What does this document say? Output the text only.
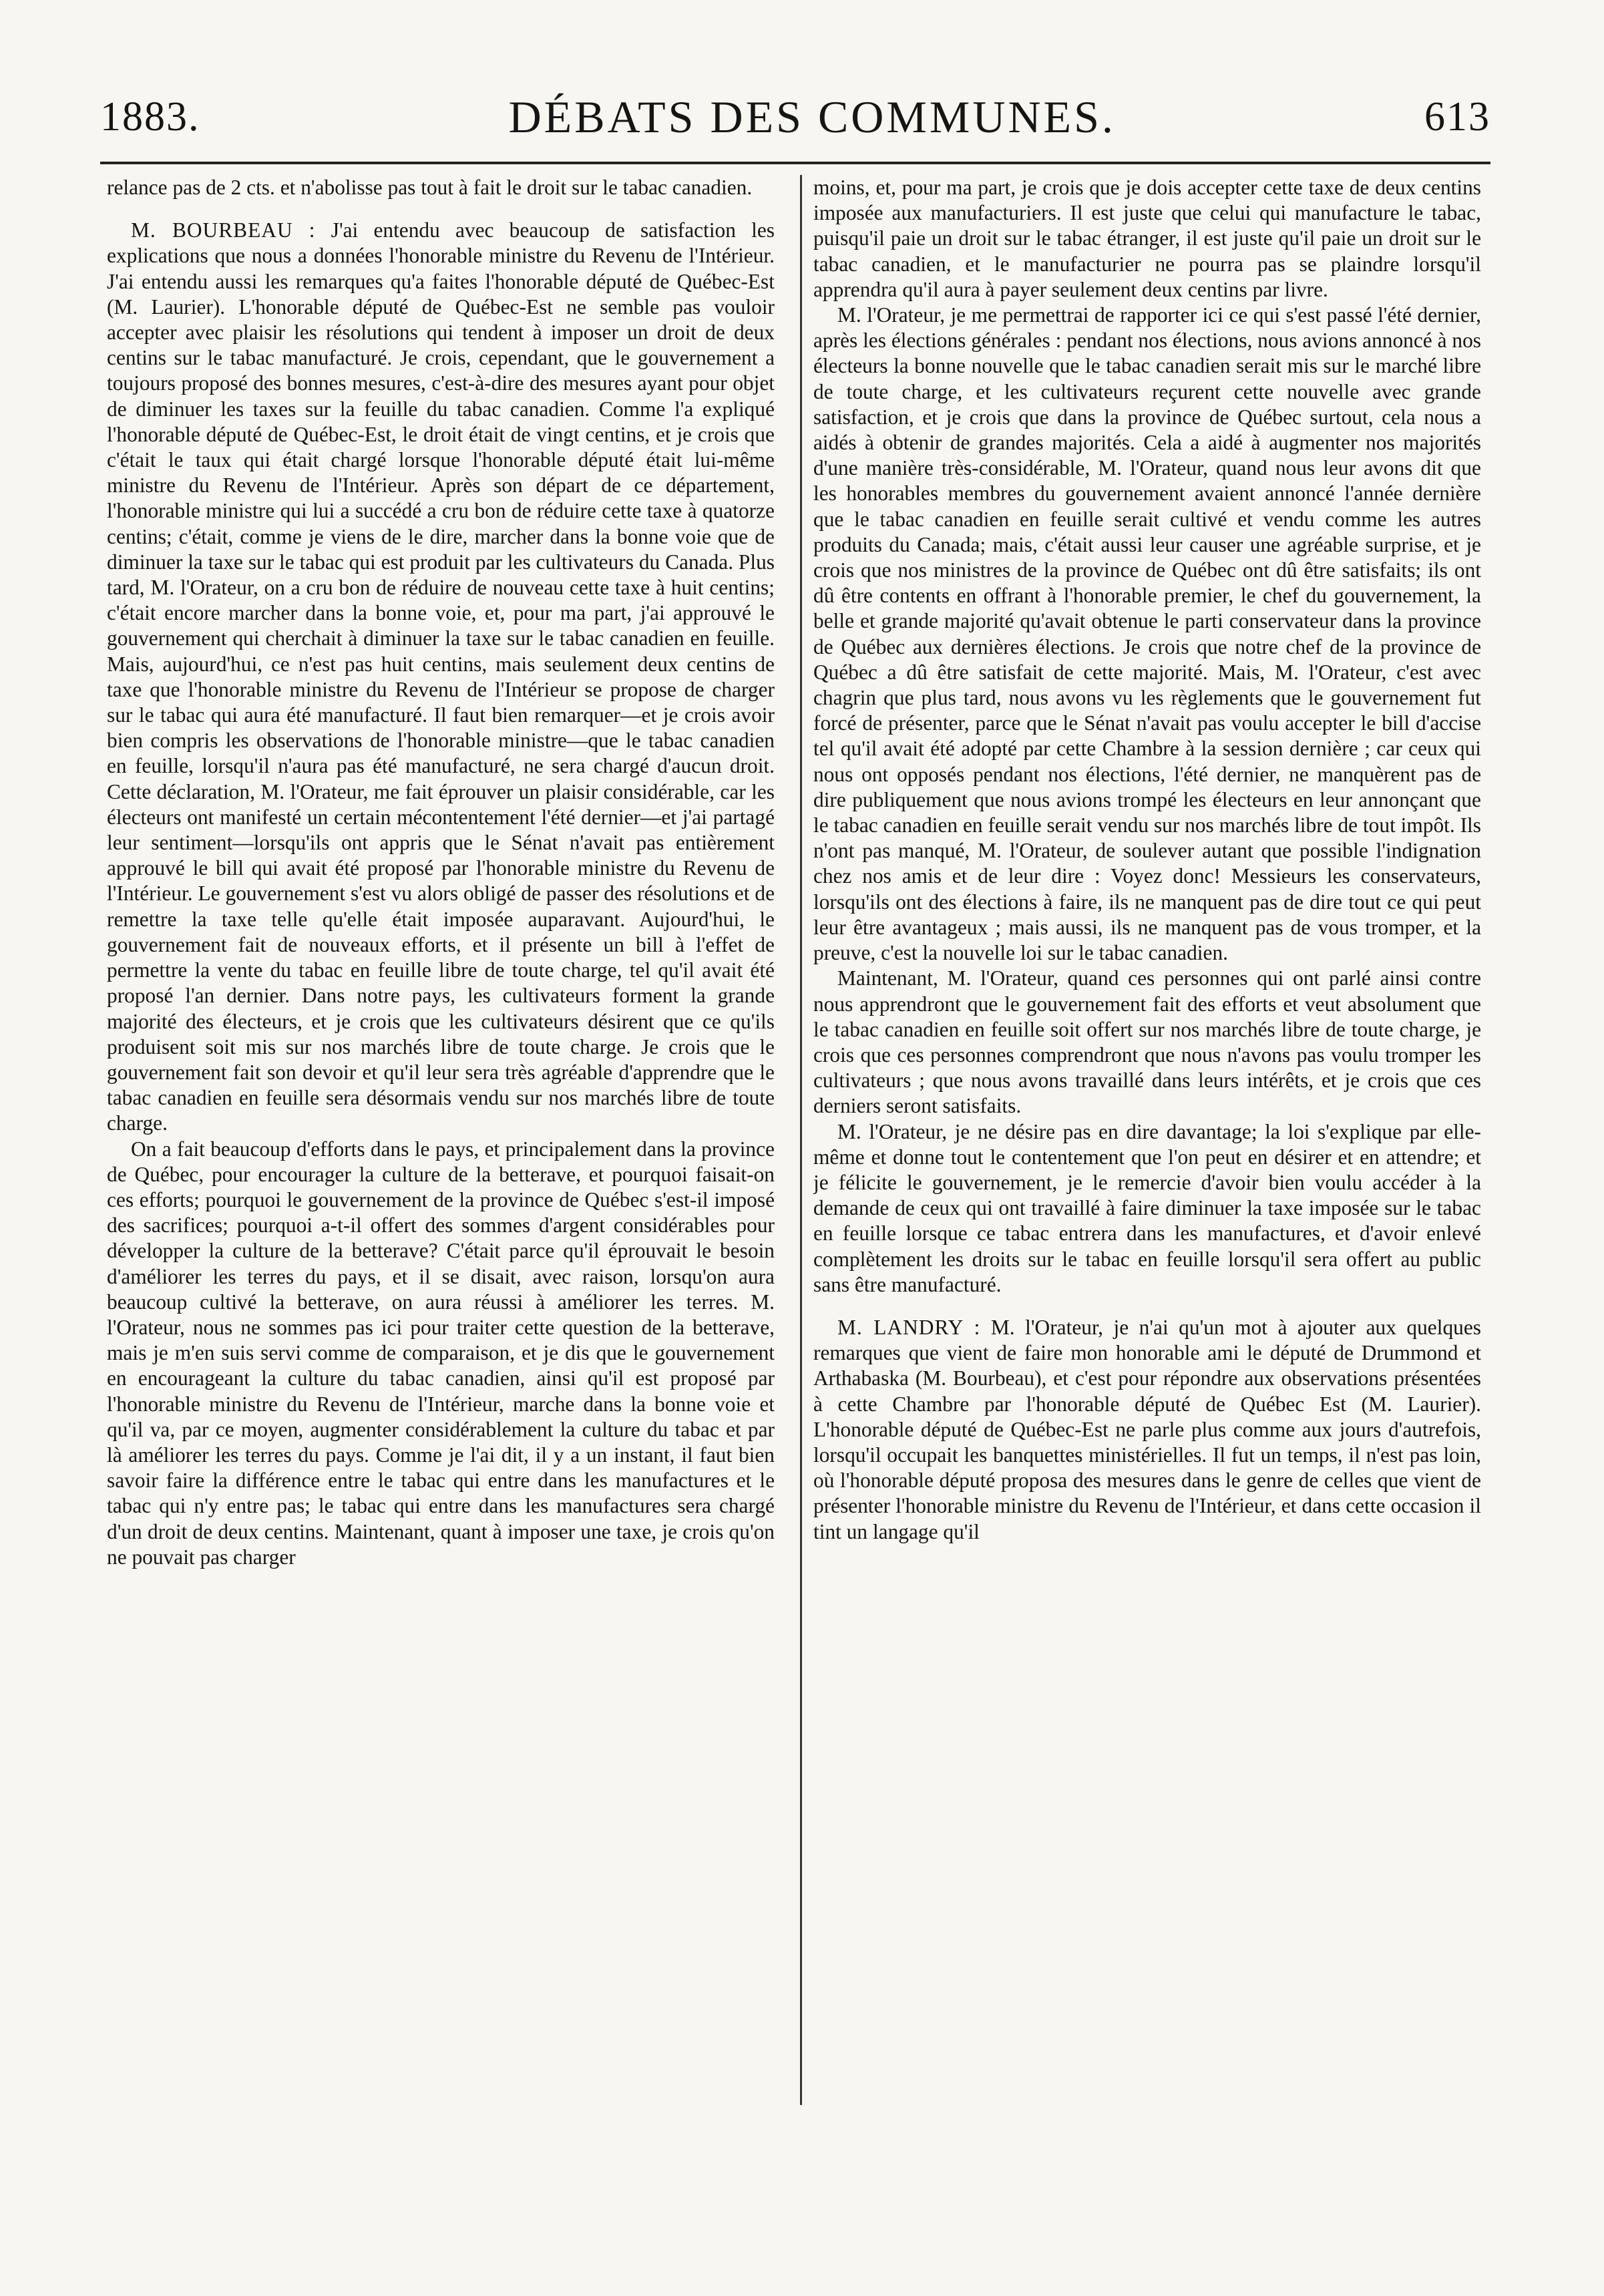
1883.	DÉBATS DES COMMUNES.	613

relance pas de 2 cts. et n'abolisse pas tout à fait le droit sur le tabac canadien.

M. BOURBEAU : J'ai entendu avec beaucoup de satisfaction les explications que nous a données l'honorable ministre du Revenu de l'Intérieur. J'ai entendu aussi les remarques qu'a faites l'honorable député de Québec-Est (M. Laurier). L'honorable député de Québec-Est ne semble pas vouloir accepter avec plaisir les résolutions qui tendent à imposer un droit de deux centins sur le tabac manufacturé. Je crois, cependant, que le gouvernement a toujours proposé des bonnes mesures, c'est-à-dire des mesures ayant pour objet de diminuer les taxes sur la feuille du tabac canadien. Comme l'a expliqué l'honorable député de Québec-Est, le droit était de vingt centins, et je crois que c'était le taux qui était chargé lorsque l'honorable député était lui-même ministre du Revenu de l'Intérieur. Après son départ de ce département, l'honorable ministre qui lui a succédé a cru bon de réduire cette taxe à quatorze centins; c'était, comme je viens de le dire, marcher dans la bonne voie que de diminuer la taxe sur le tabac qui est produit par les cultivateurs du Canada. Plus tard, M. l'Orateur, on a cru bon de réduire de nouveau cette taxe à huit centins; c'était encore marcher dans la bonne voie, et, pour ma part, j'ai approuvé le gouvernement qui cherchait à diminuer la taxe sur le tabac canadien en feuille. Mais, aujourd'hui, ce n'est pas huit centins, mais seulement deux centins de taxe que l'honorable ministre du Revenu de l'Intérieur se propose de charger sur le tabac qui aura été manufacturé. Il faut bien remarquer—et je crois avoir bien compris les observations de l'honorable ministre—que le tabac canadien en feuille, lorsqu'il n'aura pas été manufacturé, ne sera chargé d'aucun droit. Cette déclaration, M. l'Orateur, me fait éprouver un plaisir considérable, car les électeurs ont manifesté un certain mécontentement l'été dernier—et j'ai partagé leur sentiment—lorsqu'ils ont appris que le Sénat n'avait pas entièrement approuvé le bill qui avait été proposé par l'honorable ministre du Revenu de l'Intérieur. Le gouvernement s'est vu alors obligé de passer des résolutions et de remettre la taxe telle qu'elle était imposée auparavant. Aujourd'hui, le gouvernement fait de nouveaux efforts, et il présente un bill à l'effet de permettre la vente du tabac en feuille libre de toute charge, tel qu'il avait été proposé l'an dernier. Dans notre pays, les cultivateurs forment la grande majorité des électeurs, et je crois que les cultivateurs désirent que ce qu'ils produisent soit mis sur nos marchés libre de toute charge. Je crois que le gouvernement fait son devoir et qu'il leur sera très agréable d'apprendre que le tabac canadien en feuille sera désormais vendu sur nos marchés libre de toute charge.

On a fait beaucoup d'efforts dans le pays, et principalement dans la province de Québec, pour encourager la culture de la betterave, et pourquoi faisait-on ces efforts; pourquoi le gouvernement de la province de Québec s'est-il imposé des sacrifices; pourquoi a-t-il offert des sommes d'argent considérables pour développer la culture de la betterave? C'était parce qu'il éprouvait le besoin d'améliorer les terres du pays, et il se disait, avec raison, lorsqu'on aura beaucoup cultivé la betterave, on aura réussi à améliorer les terres. M. l'Orateur, nous ne sommes pas ici pour traiter cette question de la betterave, mais je m'en suis servi comme de comparaison, et je dis que le gouvernement en encourageant la culture du tabac canadien, ainsi qu'il est proposé par l'honorable ministre du Revenu de l'Intérieur, marche dans la bonne voie et qu'il va, par ce moyen, augmenter considérablement la culture du tabac et par là améliorer les terres du pays. Comme je l'ai dit, il y a un instant, il faut bien savoir faire la différence entre le tabac qui entre dans les manufactures et le tabac qui n'y entre pas; le tabac qui entre dans les manufactures sera chargé d'un droit de deux centins. Maintenant, quant à imposer une taxe, je crois qu'on ne pouvait pas charger

moins, et, pour ma part, je crois que je dois accepter cette taxe de deux centins imposée aux manufacturiers. Il est juste que celui qui manufacture le tabac, puisqu'il paie un droit sur le tabac étranger, il est juste qu'il paie un droit sur le tabac canadien, et le manufacturier ne pourra pas se plaindre lorsqu'il apprendra qu'il aura à payer seulement deux centins par livre.

M. l'Orateur, je me permettrai de rapporter ici ce qui s'est passé l'été dernier, après les élections générales : pendant nos élections, nous avions annoncé à nos électeurs la bonne nouvelle que le tabac canadien serait mis sur le marché libre de toute charge, et les cultivateurs reçurent cette nouvelle avec grande satisfaction, et je crois que dans la province de Québec surtout, cela nous a aidés à obtenir de grandes majorités. Cela a aidé à augmenter nos majorités d'une manière très-considérable, M. l'Orateur, quand nous leur avons dit que les honorables membres du gouvernement avaient annoncé l'année dernière que le tabac canadien en feuille serait cultivé et vendu comme les autres produits du Canada; mais, c'était aussi leur causer une agréable surprise, et je crois que nos ministres de la province de Québec ont dû être satisfaits; ils ont dû être contents en offrant à l'honorable premier, le chef du gouvernement, la belle et grande majorité qu'avait obtenue le parti conservateur dans la province de Québec aux dernières élections. Je crois que notre chef de la province de Québec a dû être satisfait de cette majorité. Mais, M. l'Orateur, c'est avec chagrin que plus tard, nous avons vu les règlements que le gouvernement fut forcé de présenter, parce que le Sénat n'avait pas voulu accepter le bill d'accise tel qu'il avait été adopté par cette Chambre à la session dernière ; car ceux qui nous ont opposés pendant nos élections, l'été dernier, ne manquèrent pas de dire publiquement que nous avions trompé les électeurs en leur annonçant que le tabac canadien en feuille serait vendu sur nos marchés libre de tout impôt. Ils n'ont pas manqué, M. l'Orateur, de soulever autant que possible l'indignation chez nos amis et de leur dire : Voyez donc! Messieurs les conservateurs, lorsqu'ils ont des élections à faire, ils ne manquent pas de dire tout ce qui peut leur être avantageux ; mais aussi, ils ne manquent pas de vous tromper, et la preuve, c'est la nouvelle loi sur le tabac canadien.

Maintenant, M. l'Orateur, quand ces personnes qui ont parlé ainsi contre nous apprendront que le gouvernement fait des efforts et veut absolument que le tabac canadien en feuille soit offert sur nos marchés libre de toute charge, je crois que ces personnes comprendront que nous n'avons pas voulu tromper les cultivateurs ; que nous avons travaillé dans leurs intérêts, et je crois que ces derniers seront satisfaits.

M. l'Orateur, je ne désire pas en dire davantage; la loi s'explique par elle-même et donne tout le contentement que l'on peut en désirer et en attendre; et je félicite le gouvernement, je le remercie d'avoir bien voulu accéder à la demande de ceux qui ont travaillé à faire diminuer la taxe imposée sur le tabac en feuille lorsque ce tabac entrera dans les manufactures, et d'avoir enlevé complètement les droits sur le tabac en feuille lorsqu'il sera offert au public sans être manufacturé.

M. LANDRY : M. l'Orateur, je n'ai qu'un mot à ajouter aux quelques remarques que vient de faire mon honorable ami le député de Drummond et Arthabaska (M. Bourbeau), et c'est pour répondre aux observations présentées à cette Chambre par l'honorable député de Québec Est (M. Laurier). L'honorable député de Québec-Est ne parle plus comme aux jours d'autrefois, lorsqu'il occupait les banquettes ministérielles. Il fut un temps, il n'est pas loin, où l'honorable député proposa des mesures dans le genre de celles que vient de présenter l'honorable ministre du Revenu de l'Intérieur, et dans cette occasion il tint un langage qu'il
